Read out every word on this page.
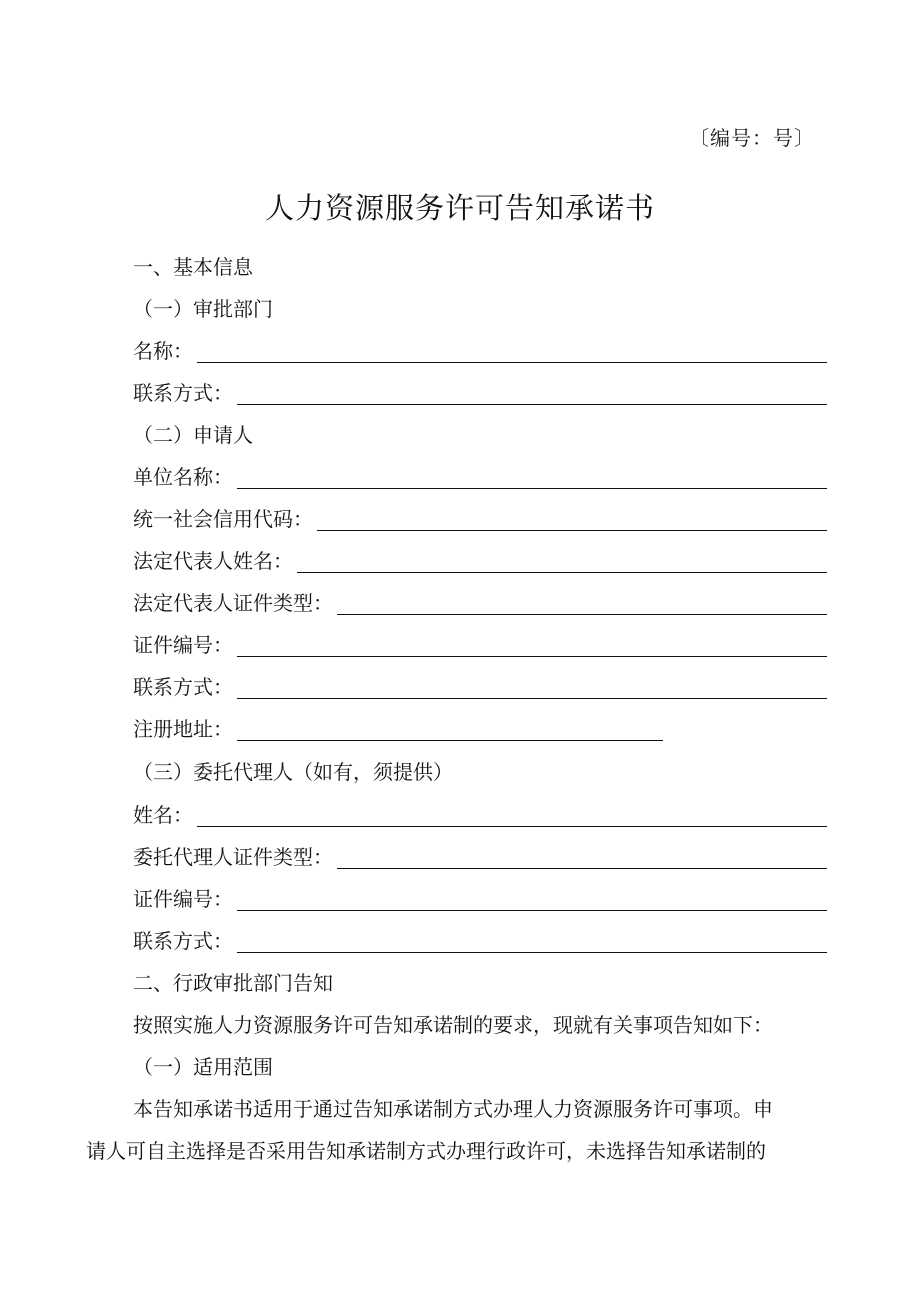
〔编号：号〕
人力资源服务许可告知承诺书
一、基本信息
（一）审批部门
名称：
联系方式：
（二）申请人
单位名称：
统一社会信用代码：
法定代表人姓名：
法定代表人证件类型：
证件编号：
联系方式：
注册地址：
（三）委托代理人（如有，须提供）
姓名：
委托代理人证件类型：
证件编号：
联系方式：
二、行政审批部门告知
按照实施人力资源服务许可告知承诺制的要求，现就有关事项告知如下：
（一）适用范围
本告知承诺书适用于通过告知承诺制方式办理人力资源服务许可事项。申
请人可自主选择是否采用告知承诺制方式办理行政许可，未选择告知承诺制的
